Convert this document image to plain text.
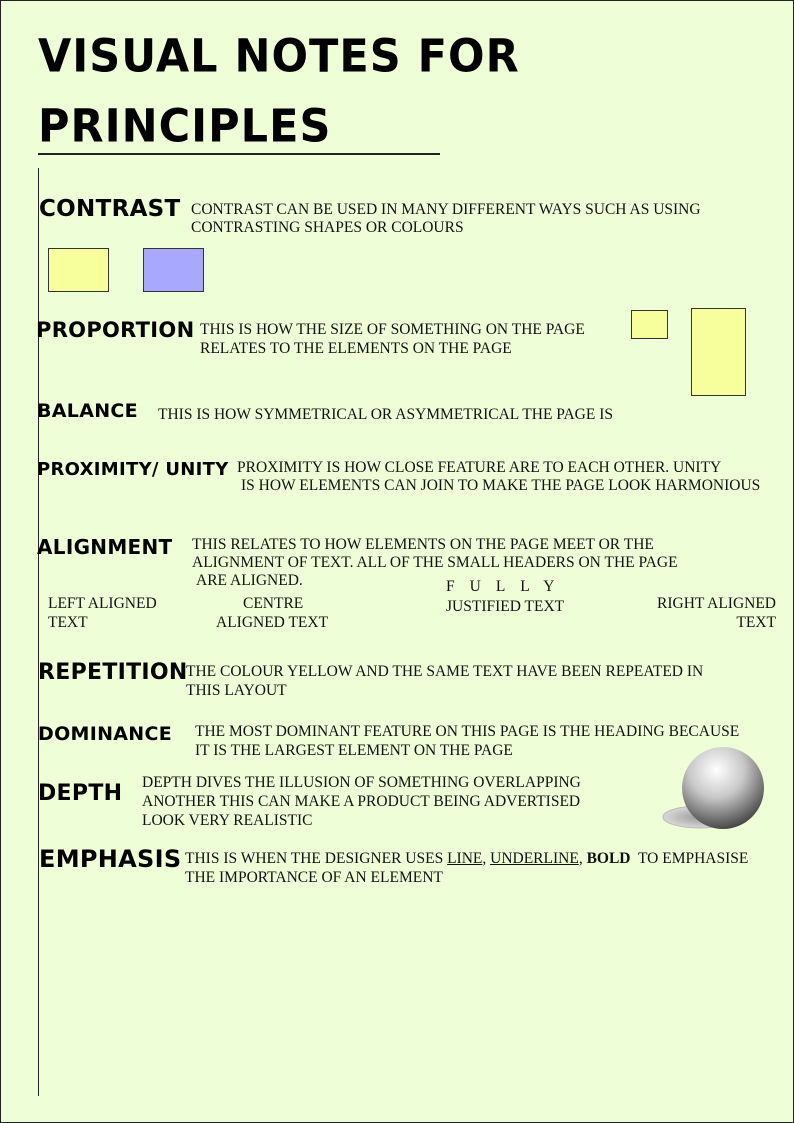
VISUAL NOTES FOR
PRINCIPLES
CONTRAST CONTRAST CAN BE USED IN MANY DIFFERENT WAYS SUCH AS USING
CONTRASTING SHAPES OR COLOURS
PROPORTION THIS IS HOW THE SIZE OF SOMETHING ON THE PAGE
RELATES TO THE ELEMENTS ON THE PAGE
BALANCE THIS IS HOW SYMMETRICAL OR ASYMMETRICAL THE PAGE IS
PROXIMITY/ UNITY PROXIMITY IS HOW CLOSE FEATURE ARE TO EACH OTHER. UNITY
IS HOW ELEMENTS CAN JOIN TO MAKE THE PAGE LOOK HARMONIOUS
ALIGNMENT THIS RELATES TO HOW ELEMENTS ON THE PAGE MEET OR THE
ALIGNMENT OF TEXT. ALL OF THE SMALL HEADERS ON THE PAGE
ARE ALIGNED.
LEFT ALIGNED
TEXT
CENTRE
ALIGNED TEXT
FULLY
JUSTIFIED TEXT	RIGHT ALIGNED
TEXT
REPETITION
THE COLOUR YELLOW AND THE SAME TEXT HAVE BEEN REPEATED IN
THIS LAYOUT
DOMINANCE THE MOST DOMINANT FEATURE ON THIS PAGE IS THE HEADING BECAUSE
IT IS THE LARGEST ELEMENT ON THE PAGE
DEPTH DEPTH DIVES THE ILLUSION OF SOMETHING OVERLAPPING
ANOTHER THIS CAN MAKE A PRODUCT BEING ADVERTISED
LOOK VERY REALISTIC
EMPHASIS THIS IS WHEN THE DESIGNER USES LINE, UNDERLINE, BOLD  TO EMPHASISE
THE IMPORTANCE OF AN ELEMENT
